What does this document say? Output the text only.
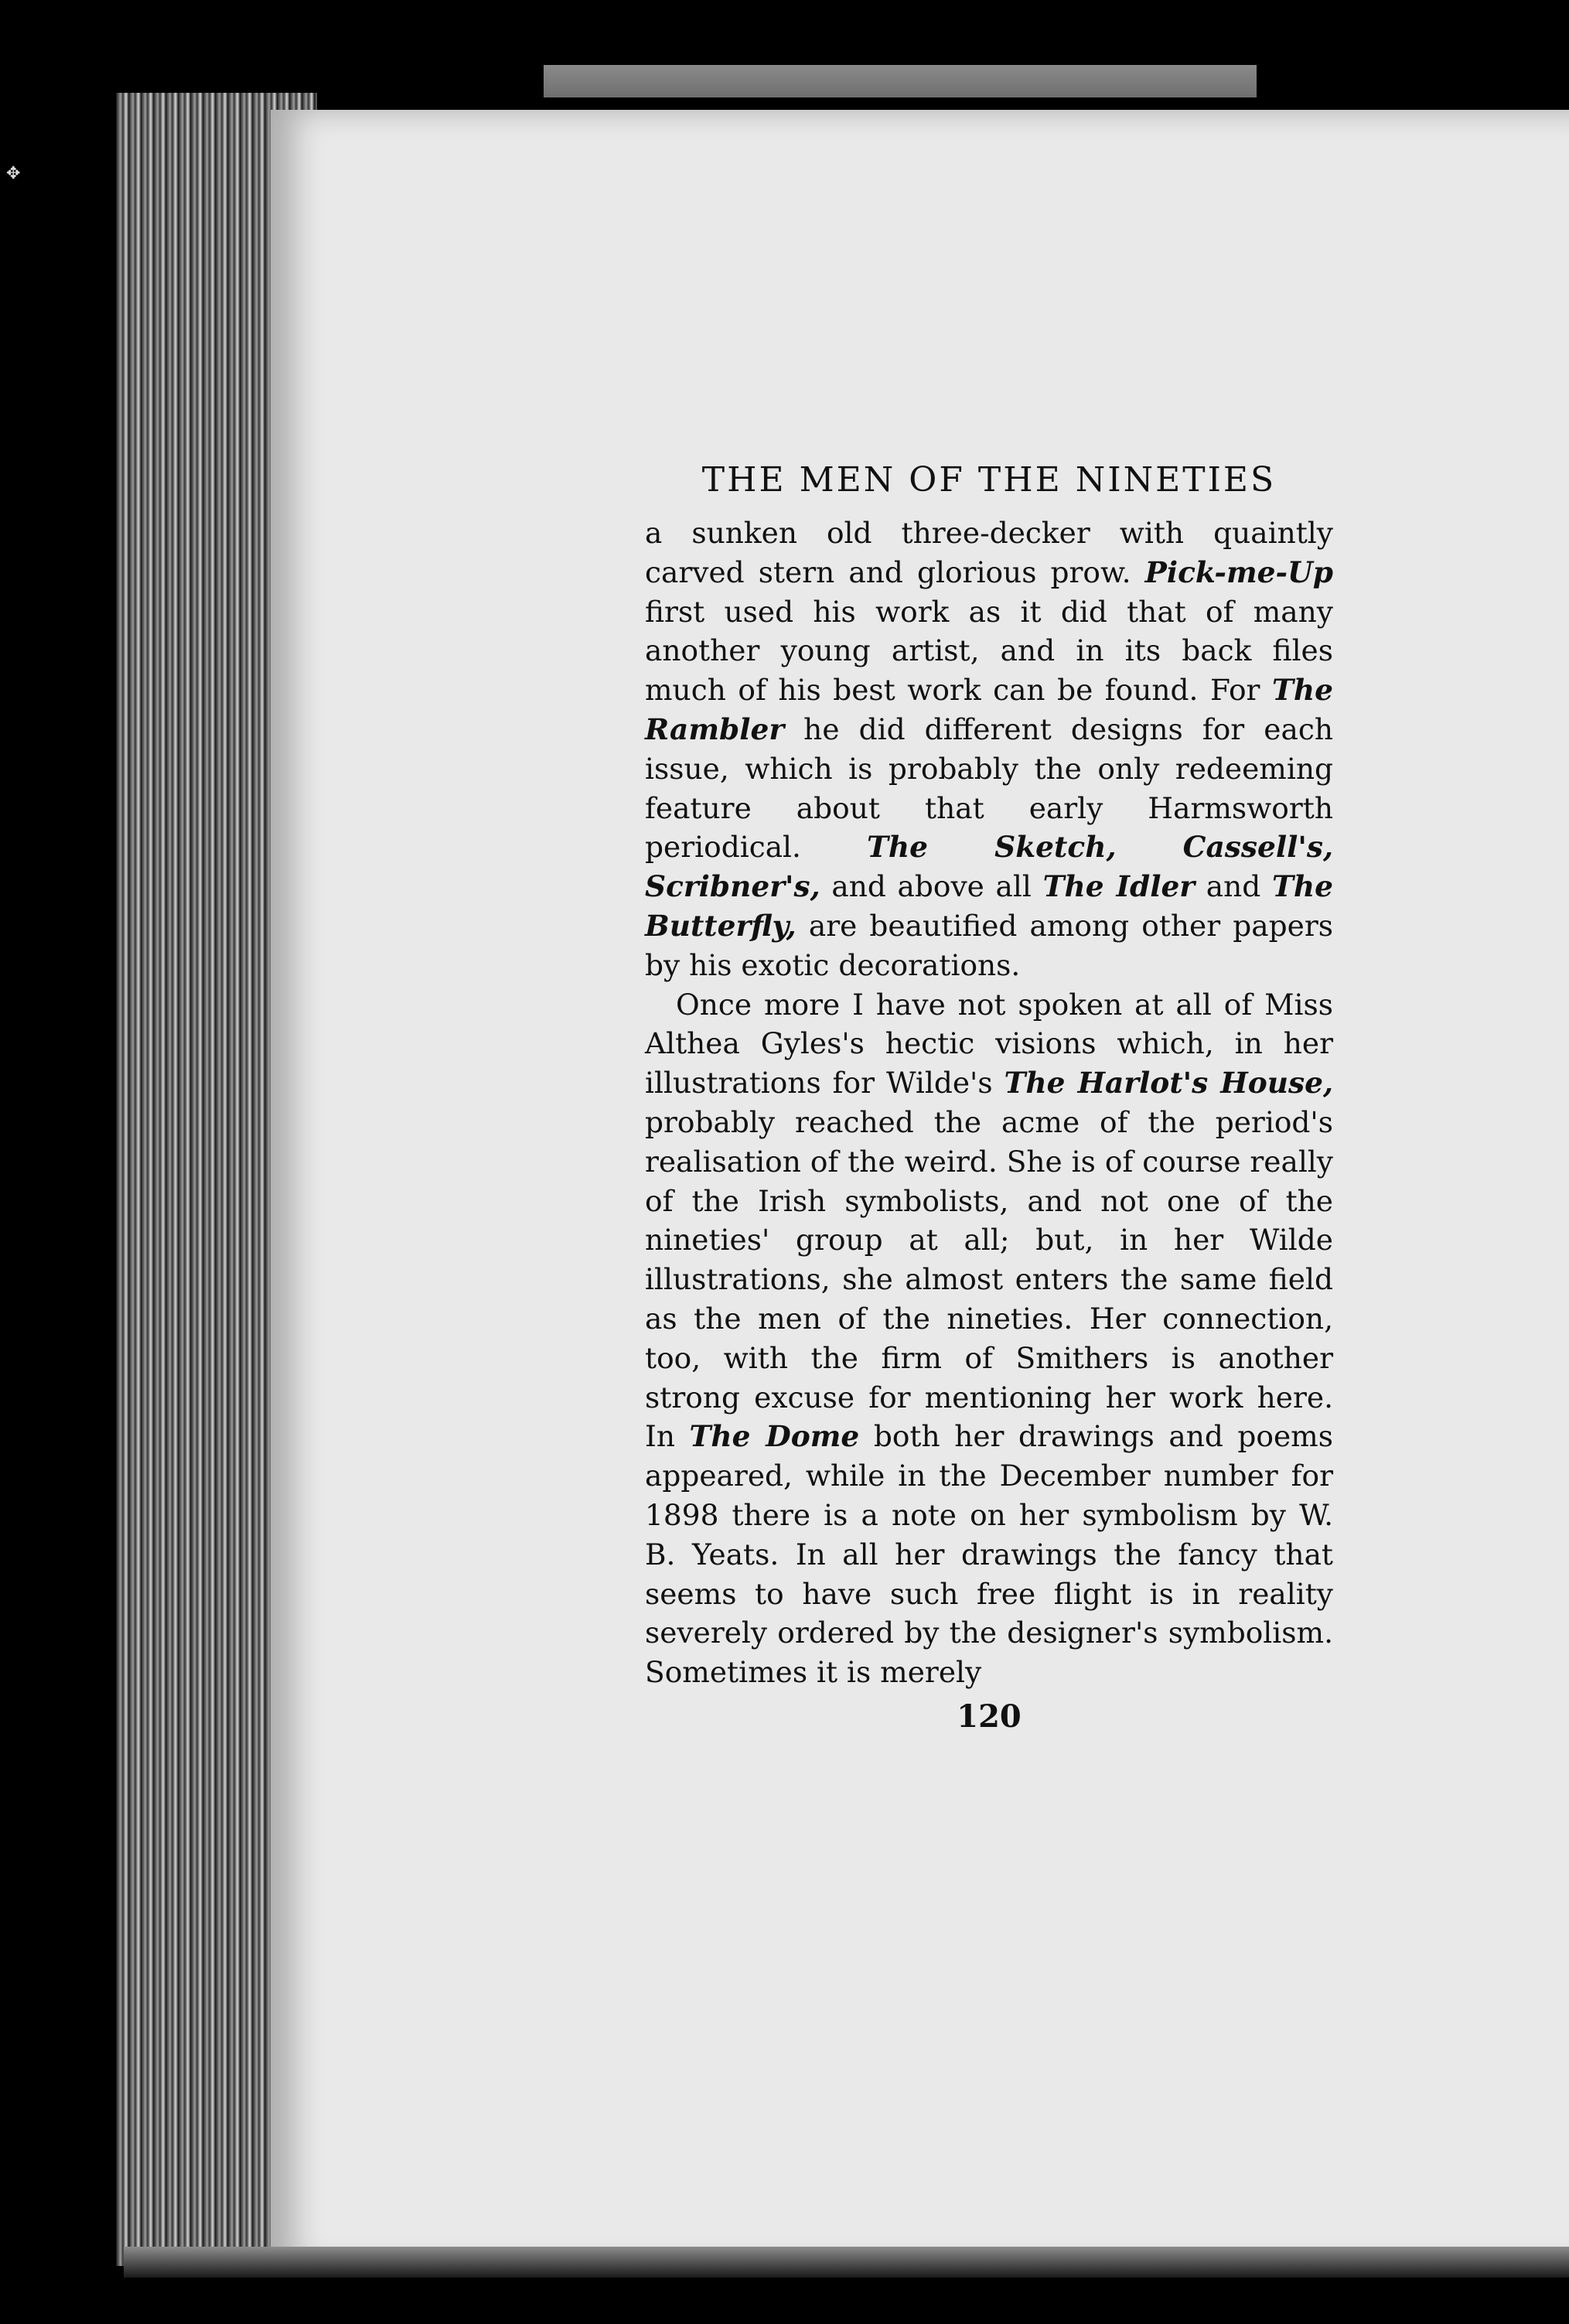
✥
THE MEN OF THE NINETIES

a sunken old three-decker with quaintly carved stern and glorious prow. Pick-me-Up first used his work as it did that of many another young artist, and in its back files much of his best work can be found. For The Rambler he did different designs for each issue, which is probably the only redeeming feature about that early Harmsworth periodical. The Sketch, Cassell's, Scribner's, and above all The Idler and The Butterfly, are beautified among other papers by his exotic decorations.

Once more I have not spoken at all of Miss Althea Gyles's hectic visions which, in her illustrations for Wilde's The Harlot's House, probably reached the acme of the period's realisation of the weird. She is of course really of the Irish symbolists, and not one of the nineties' group at all; but, in her Wilde illustrations, she almost enters the same field as the men of the nineties. Her connection, too, with the firm of Smithers is another strong excuse for mentioning her work here. In The Dome both her drawings and poems appeared, while in the December number for 1898 there is a note on her symbolism by W. B. Yeats. In all her drawings the fancy that seems to have such free flight is in reality severely ordered by the designer's symbolism. Sometimes it is merely

120
